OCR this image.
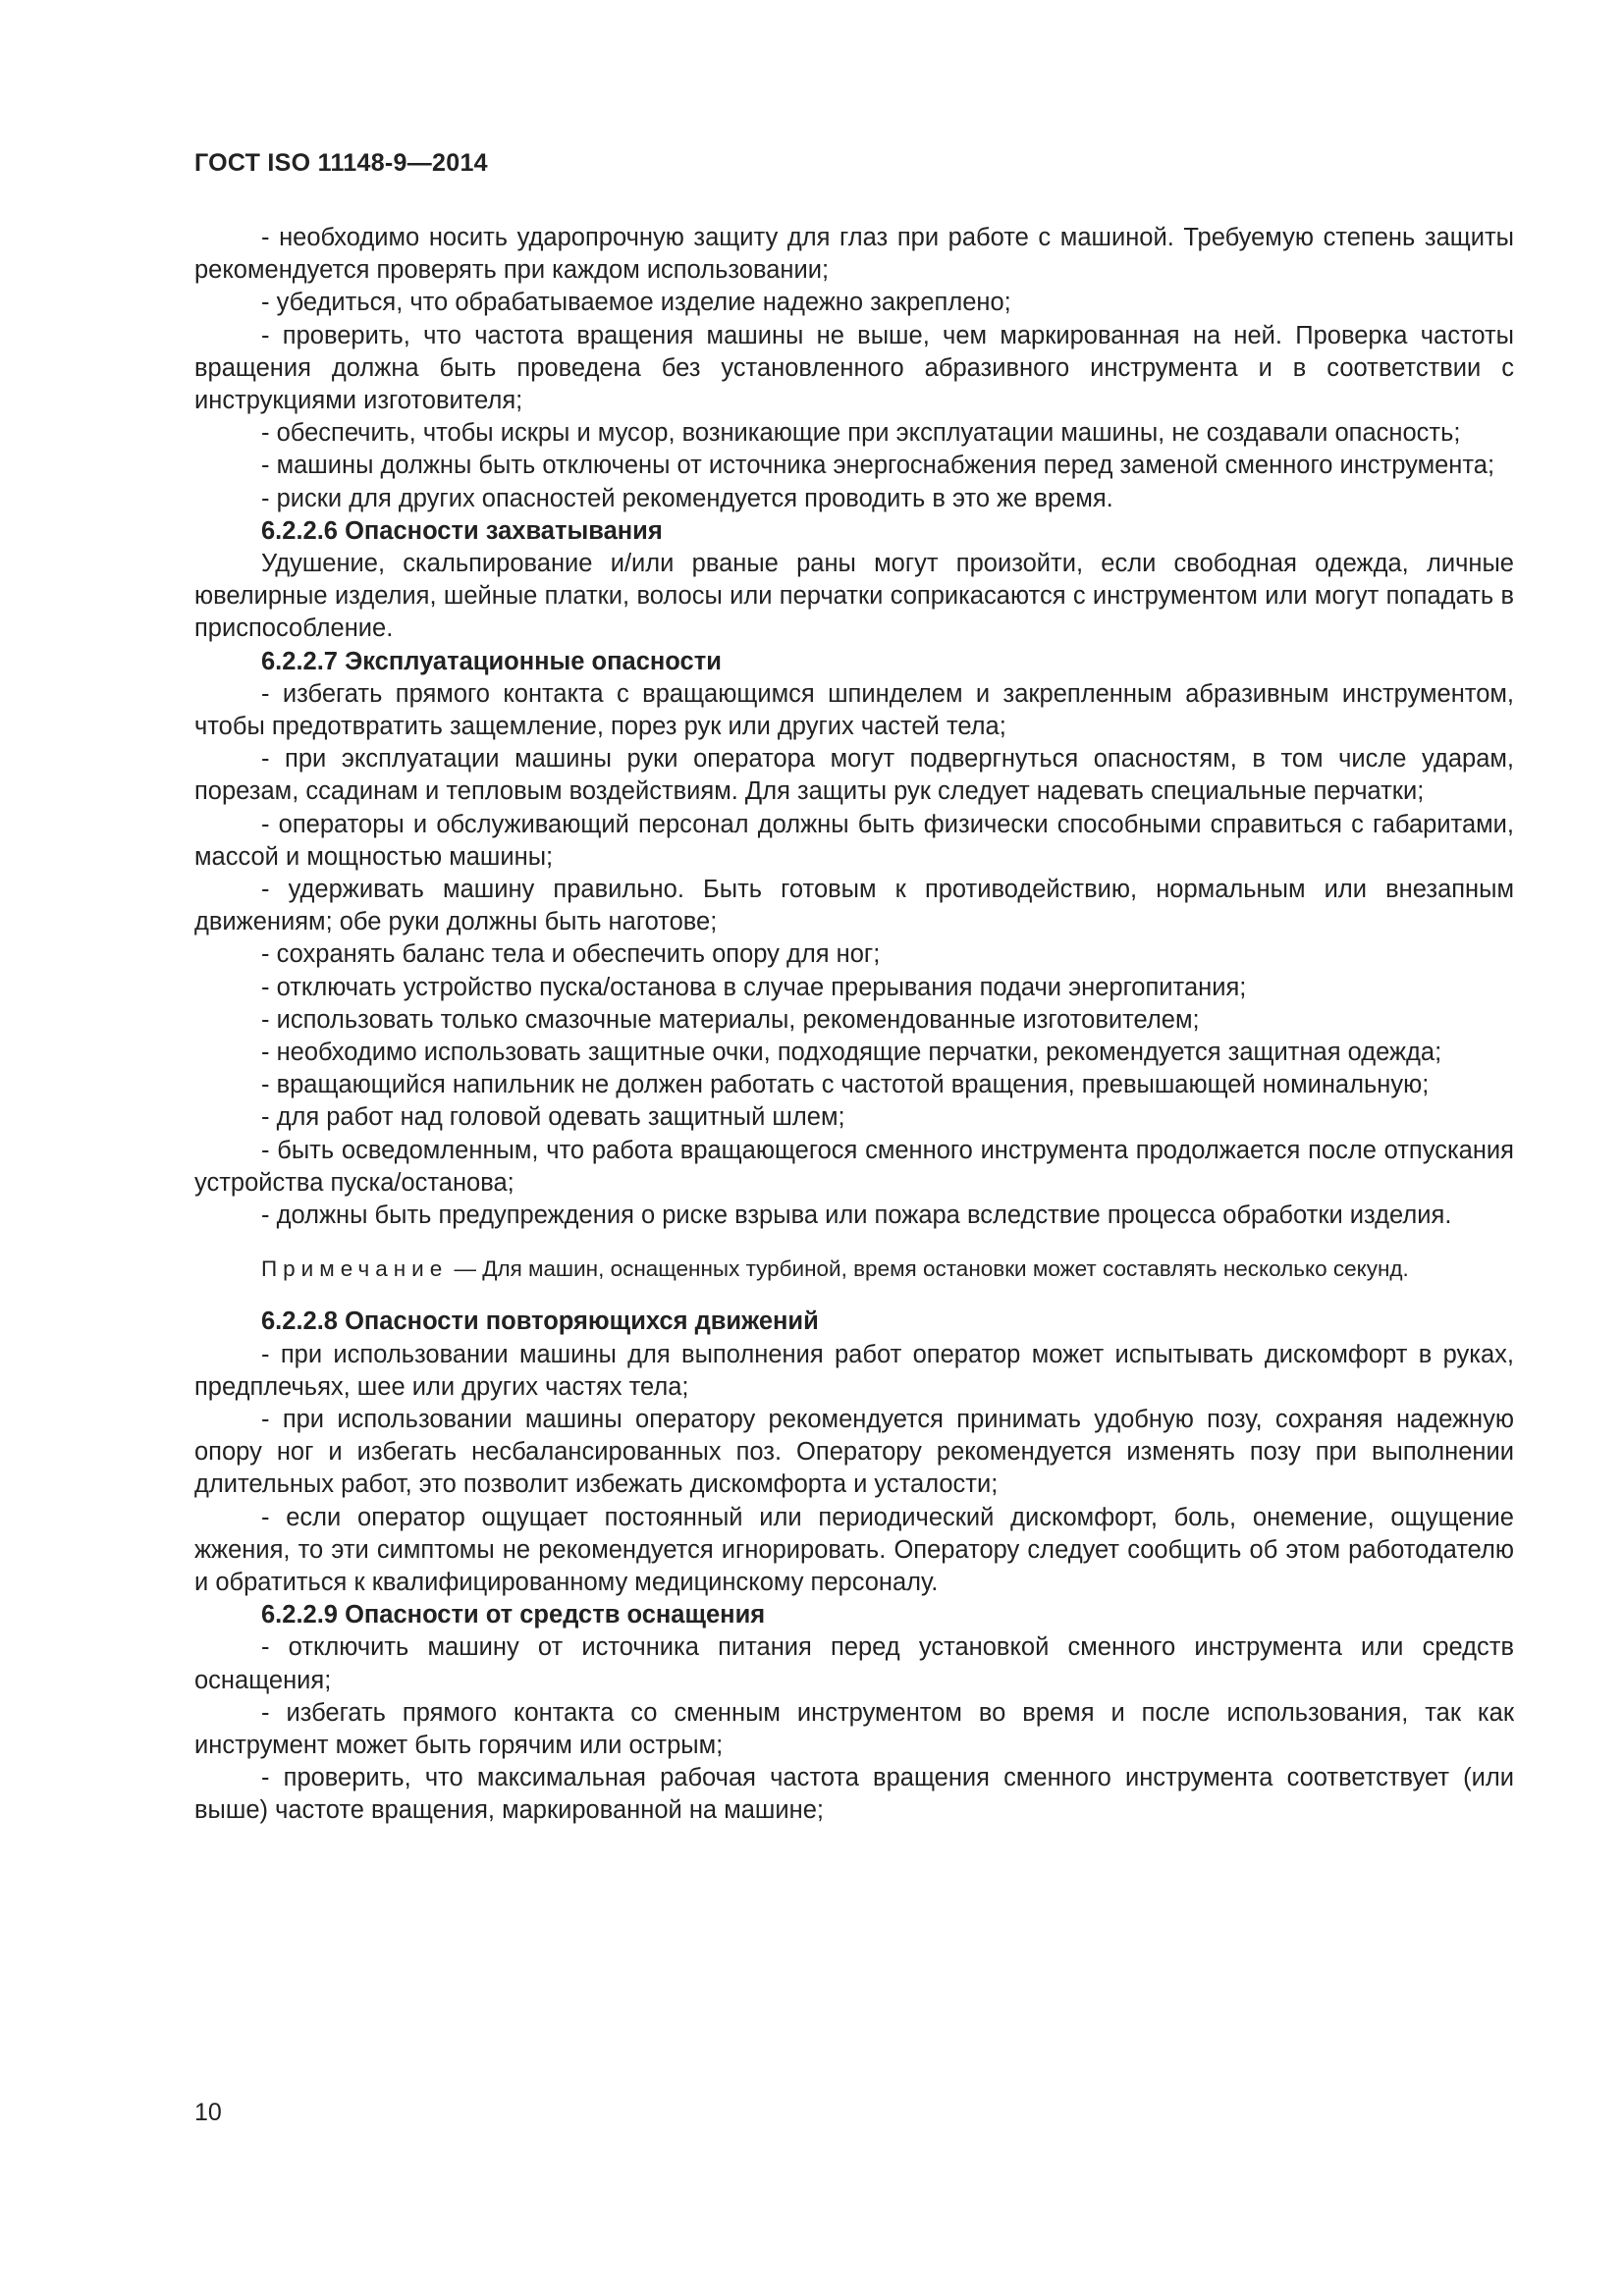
ГОСТ ISO 11148-9—2014

- необходимо носить ударопрочную защиту для глаз при работе с машиной. Требуемую степень защиты рекомендуется проверять при каждом использовании;

- убедиться, что обрабатываемое изделие надежно закреплено;

- проверить, что частота вращения машины не выше, чем маркированная на ней. Проверка частоты вращения должна быть проведена без установленного абразивного инструмента и в соответствии с инструкциями изготовителя;

- обеспечить, чтобы искры и мусор, возникающие при эксплуатации машины, не создавали опасность;

- машины должны быть отключены от источника энергоснабжения перед заменой сменного инструмента;

- риски для других опасностей рекомендуется проводить в это же время.

6.2.2.6 Опасности захватывания

Удушение, скальпирование и/или рваные раны могут произойти, если свободная одежда, личные ювелирные изделия, шейные платки, волосы или перчатки соприкасаются с инструментом или могут попадать в приспособление.

6.2.2.7 Эксплуатационные опасности

- избегать прямого контакта с вращающимся шпинделем и закрепленным абразивным инструментом, чтобы предотвратить защемление, порез рук или других частей тела;

- при эксплуатации машины руки оператора могут подвергнуться опасностям, в том числе ударам, порезам, ссадинам и тепловым воздействиям. Для защиты рук следует надевать специальные перчатки;

- операторы и обслуживающий персонал должны быть физически способными справиться с габаритами, массой и мощностью машины;

- удерживать машину правильно. Быть готовым к противодействию, нормальным или внезапным движениям; обе руки должны быть наготове;

- сохранять баланс тела и обеспечить опору для ног;

- отключать устройство пуска/останова в случае прерывания подачи энергопитания;

- использовать только смазочные материалы, рекомендованные изготовителем;

- необходимо использовать защитные очки, подходящие перчатки, рекомендуется защитная одежда;

- вращающийся напильник не должен работать с частотой вращения, превышающей номинальную;

- для работ над головой одевать защитный шлем;

- быть осведомленным, что работа вращающегося сменного инструмента продолжается после отпускания устройства пуска/останова;

- должны быть предупреждения о риске взрыва или пожара вследствие процесса обработки изделия.

Примечание — Для машин, оснащенных турбиной, время остановки может составлять несколько секунд.

6.2.2.8 Опасности повторяющихся движений

- при использовании машины для выполнения работ оператор может испытывать дискомфорт в руках, предплечьях, шее или других частях тела;

- при использовании машины оператору рекомендуется принимать удобную позу, сохраняя надежную опору ног и избегать несбалансированных поз. Оператору рекомендуется изменять позу при выполнении длительных работ, это позволит избежать дискомфорта и усталости;

- если оператор ощущает постоянный или периодический дискомфорт, боль, онемение, ощущение жжения, то эти симптомы не рекомендуется игнорировать. Оператору следует сообщить об этом работодателю и обратиться к квалифицированному медицинскому персоналу.

6.2.2.9 Опасности от средств оснащения

- отключить машину от источника питания перед установкой сменного инструмента или средств оснащения;

- избегать прямого контакта со сменным инструментом во время и после использования, так как инструмент может быть горячим или острым;

- проверить, что максимальная рабочая частота вращения сменного инструмента соответствует (или выше) частоте вращения, маркированной на машине;

10
